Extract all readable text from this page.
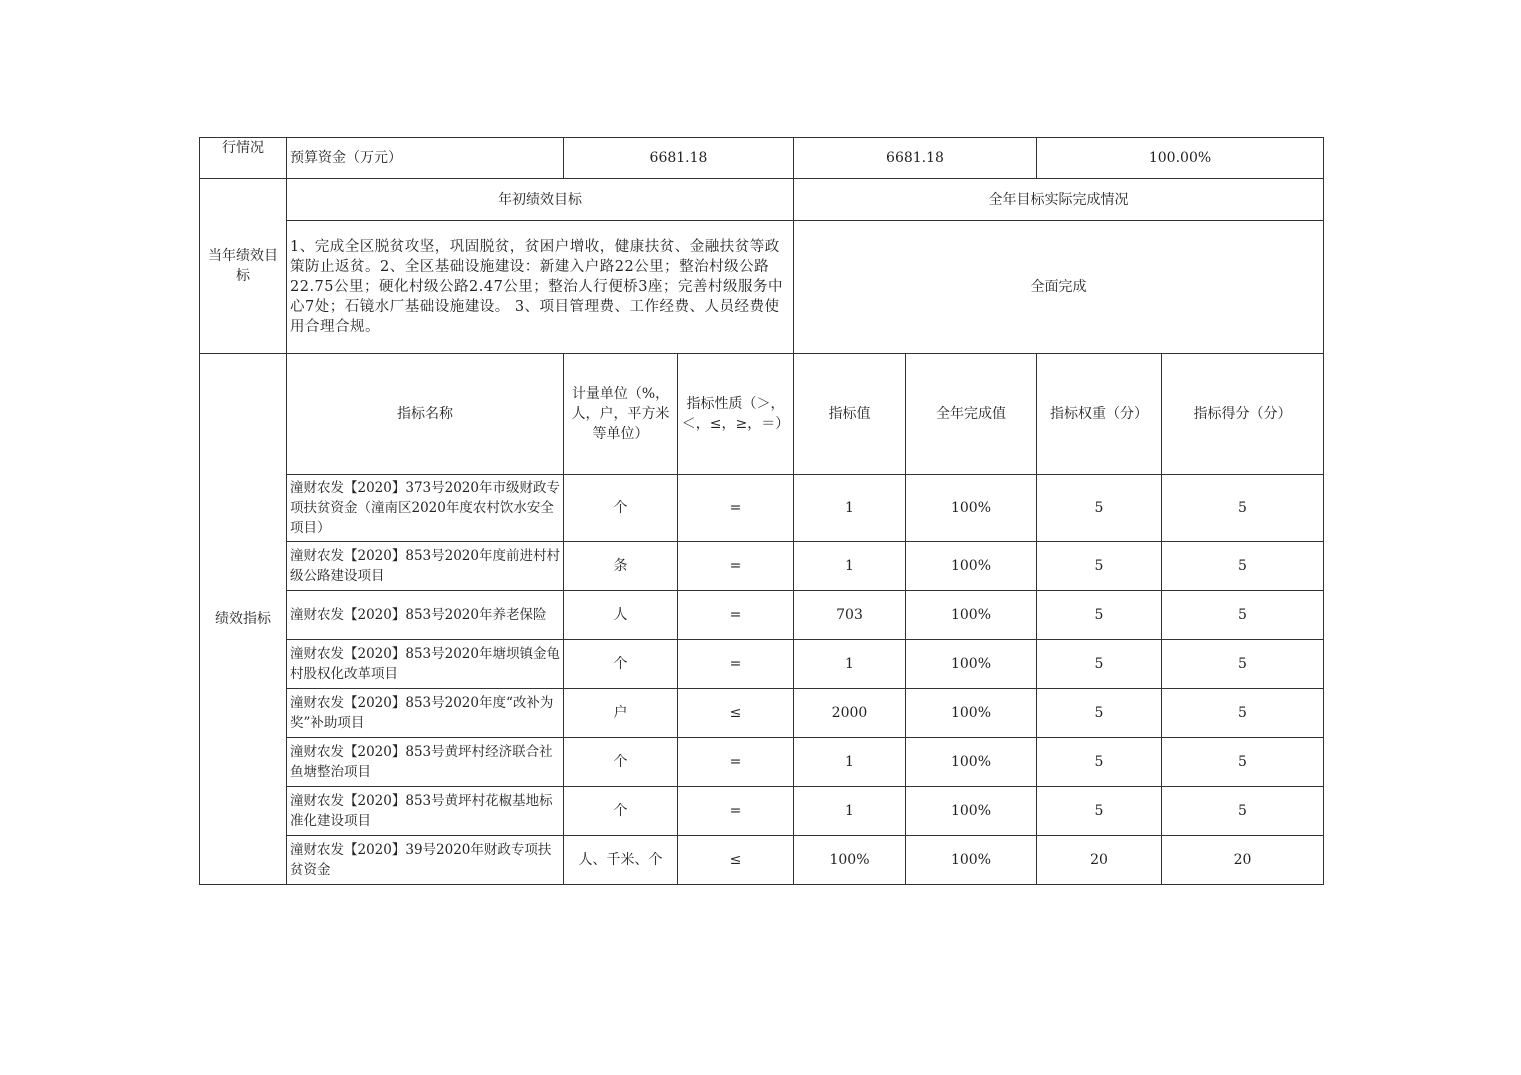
行情况	预算资金（万元）	6681.18		6681.18		100.00%	
当年绩效目标	年初绩效目标			全年目标实际完成情况			
	1、完成全区脱贫攻坚，巩固脱贫，贫困户增收，健康扶贫、金融扶贫等政策防止返贫。2、全区基础设施建设：新建入户路22公里；整治村级公路22.75公里；硬化村级公路2.47公里；整治人行便桥3座；完善村级服务中心7处；石镜水厂基础设施建设。 3、项目管理费、工作经费、人员经费使用合理合规。			全面完成			
绩效指标	指标名称	计量单位（%，人，户，平方米等单位）	指标性质（＞，＜，≤，≥，＝）	指标值	全年完成值	指标权重（分）	指标得分（分）
	潼财农发【2020】373号2020年市级财政专项扶贫资金（潼南区2020年度农村饮水安全项目）	个	=	1	100%	5	5
	潼财农发【2020】853号2020年度前进村村级公路建设项目	条	=	1	100%	5	5
	潼财农发【2020】853号2020年养老保险	人	=	703	100%	5	5
	潼财农发【2020】853号2020年塘坝镇金龟村股权化改革项目	个	=	1	100%	5	5
	潼财农发【2020】853号2020年度“改补为奖”补助项目	户	≤	2000	100%	5	5
	潼财农发【2020】853号黄坪村经济联合社鱼塘整治项目	个	=	1	100%	5	5
	潼财农发【2020】853号黄坪村花椒基地标准化建设项目	个	=	1	100%	5	5
	潼财农发【2020】39号2020年财政专项扶贫资金	人、千米、个	≤	100%	100%	20	20
